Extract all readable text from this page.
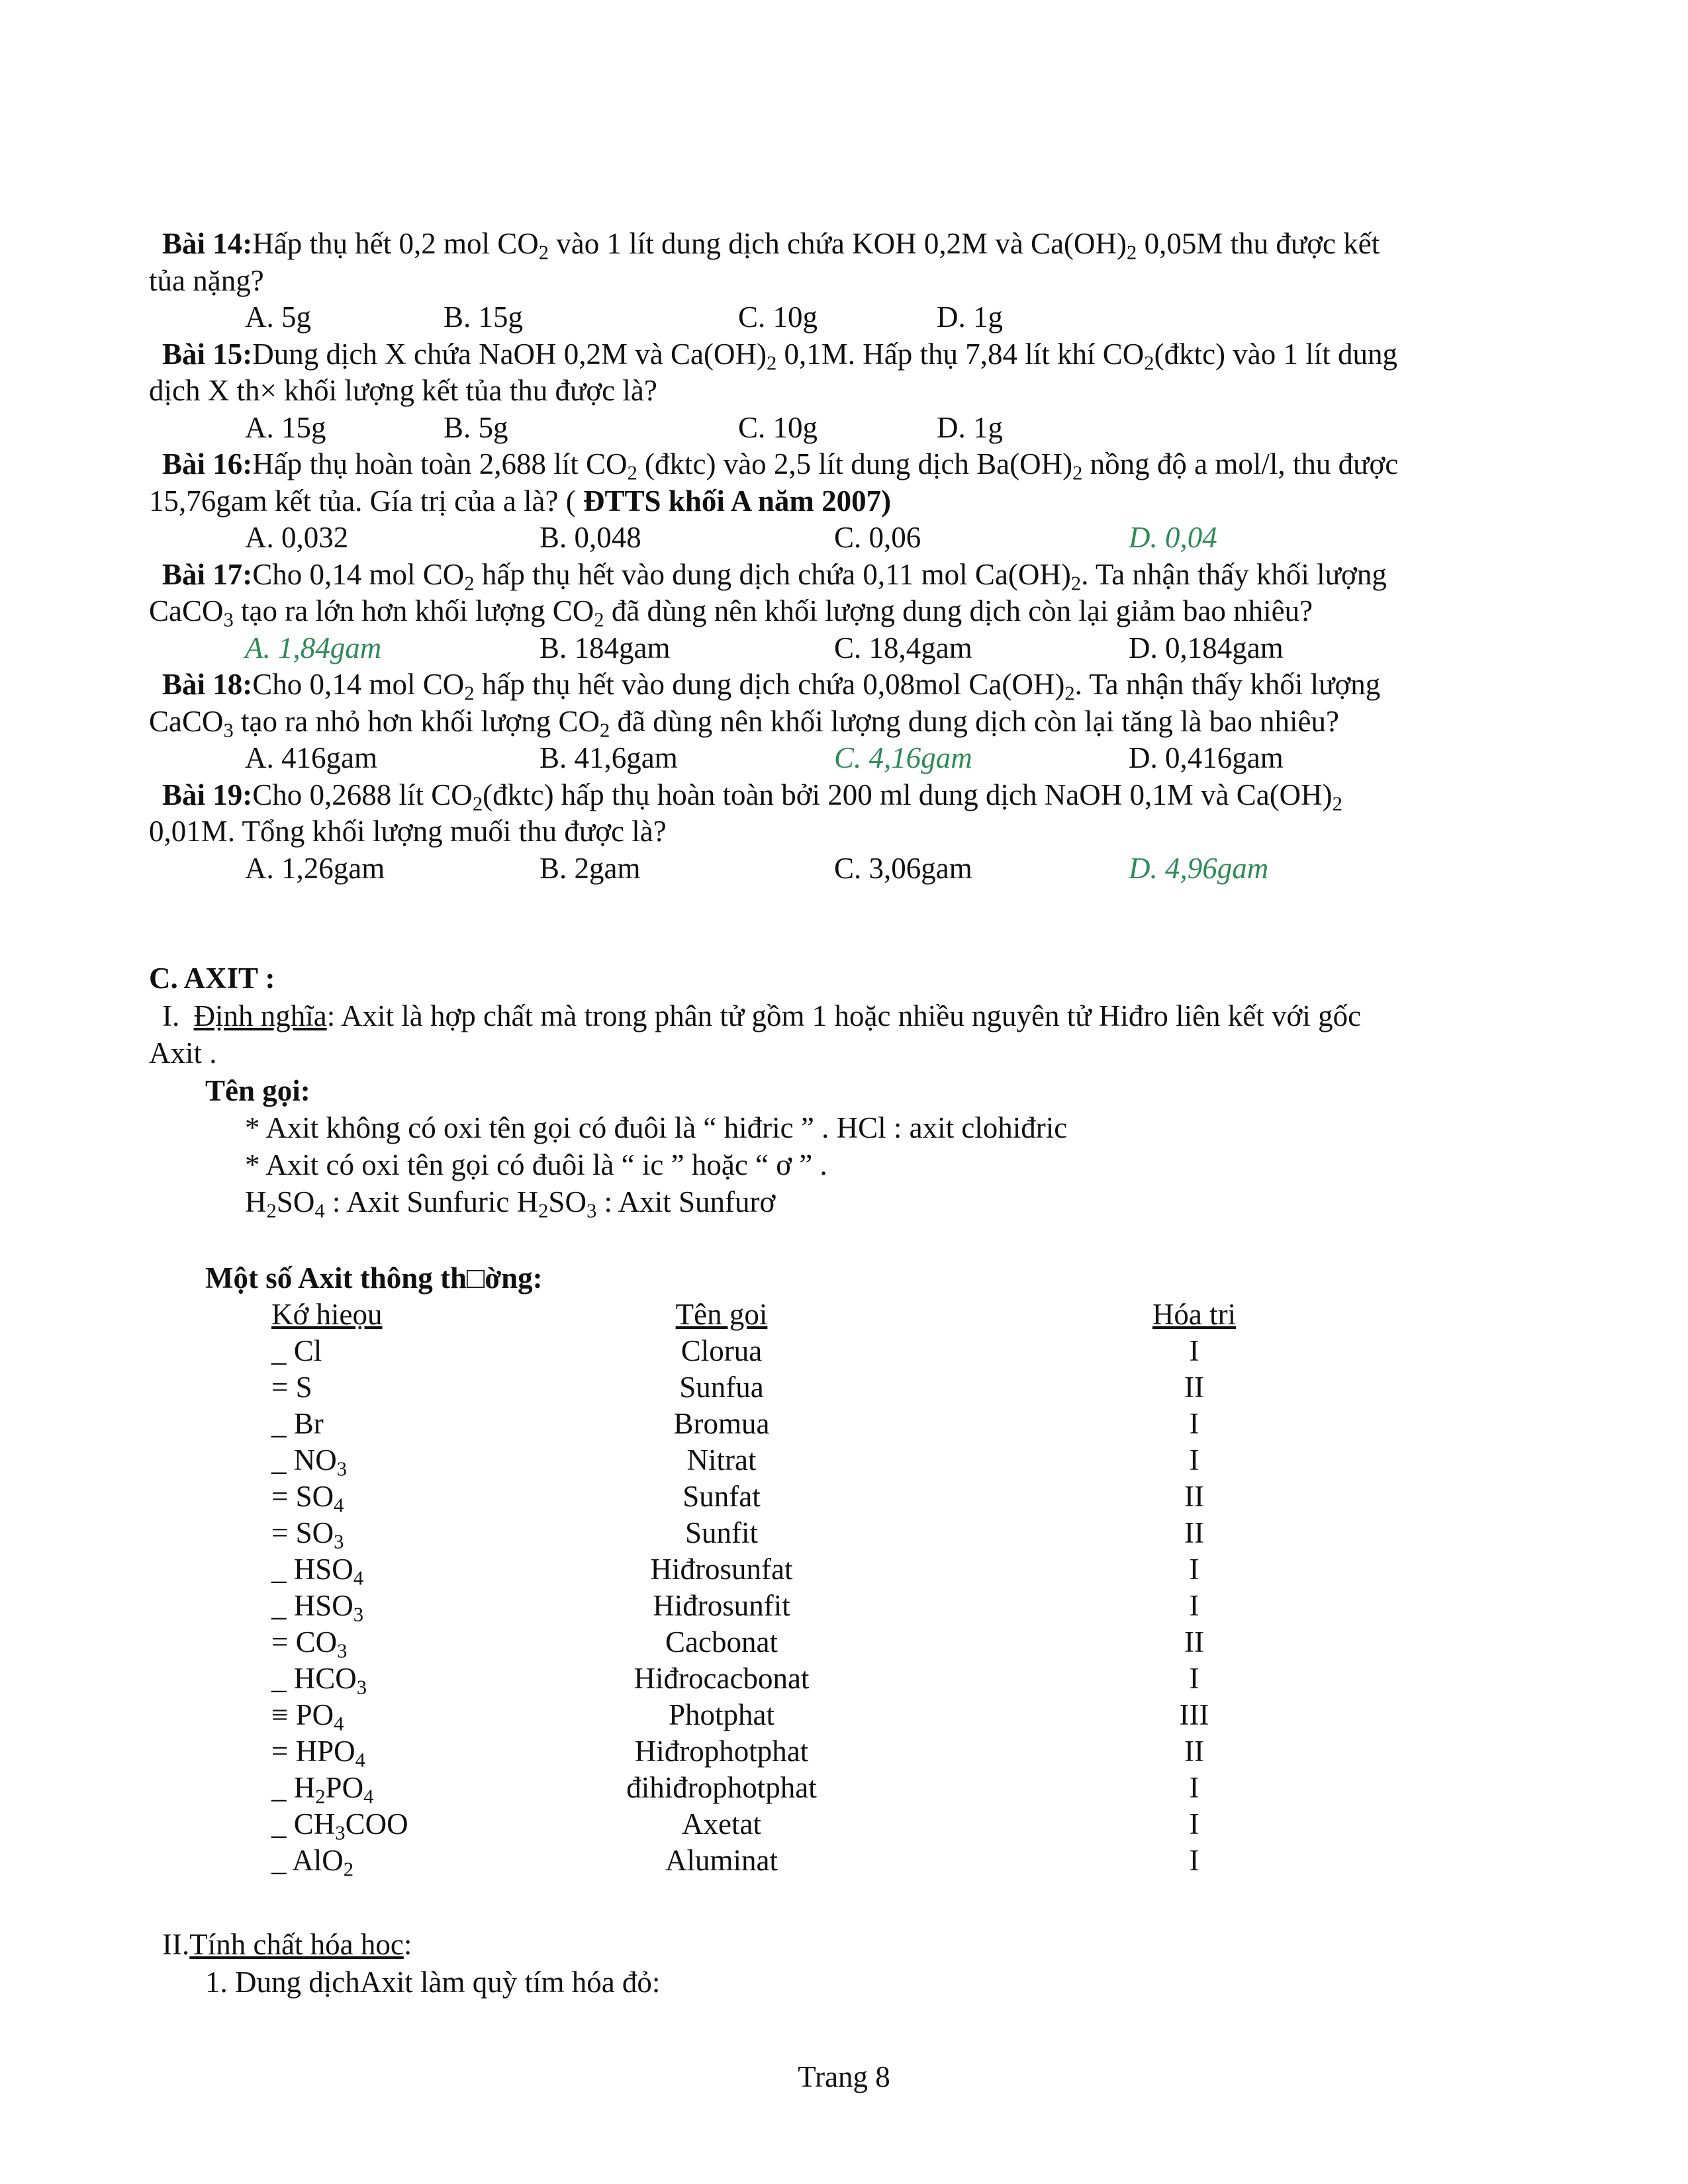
Bài 14:Hấp thụ hết 0,2 mol $CO_2$ vào 1 lít dung dịch chứa KOH 0,2M và $Ca(OH)_2$ 0,05M thu được kết
tủa nặng?
A. 5g	B. 15g	C. 10g	D. 1g
Bài 15:Dung dịch X chứa NaOH 0,2M và $Ca(OH)_2$ 0,1M. Hấp thụ 7,84 lít khí $CO_2(đktc)$ vào 1 lít dung
dịch X th× khối lượng kết tủa thu được là?
A. 15g	B. 5g	C. 10g	D. 1g
Bài 16:Hấp thụ hoàn toàn 2,688 lít $CO_2$ (đktc) vào 2,5 lít dung dịch $Ba(OH)_2$ nồng độ a mol/l, thu được
15,76gam kết tủa. Gía trị của a là? ( ĐTTS khối A năm 2007)
A. 0,032	B. 0,048	C. 0,06	D. 0,04
Bài 17:Cho 0,14 mol $CO_2$ hấp thụ hết vào dung dịch chứa 0,11 mol $Ca(OH)_2$. Ta nhận thấy khối lượng
CaCO$_3$ tạo ra lớn hơn khối lượng $CO_2$ đã dùng nên khối lượng dung dịch còn lại giảm bao nhiêu?
A. 1,84gam	B. 184gam	C. 18,4gam	D. 0,184gam
Bài 18:Cho 0,14 mol $CO_2$ hấp thụ hết vào dung dịch chứa 0,08mol $Ca(OH)_2$. Ta nhận thấy khối lượng
CaCO$_3$ tạo ra nhỏ hơn khối lượng $CO_2$ đã dùng nên khối lượng dung dịch còn lại tăng là bao nhiêu?
A. 416gam	B. 41,6gam	C. 4,16gam	D. 0,416gam
Bài 19:Cho 0,2688 lít $CO_2(đktc)$ hấp thụ hoàn toàn bởi 200 ml dung dịch NaOH 0,1M và $Ca(OH)_2$
0,01M. Tổng khối lượng muối thu được là?
A. 1,26gam	B. 2gam	C. 3,06gam	D. 4,96gam
C. AXIT :
I. Định nghĩa: Axit là hợp chất mà trong phân tử gồm 1 hoặc nhiều nguyên tử Hiđro liên kết với gốc
Axit .
Tên gọi:
* Axit không có oxi tên gọi có đuôi là “ hiđric ” . HCl : axit clohiđric
* Axit có oxi tên gọi có đuôi là “ ic ” hoặc “ ơ ” .
$H_2SO_4$ : Axit Sunfuric $H_2SO_3$ : Axit Sunfurơ
Một số Axit thông th□ờng:
Kớ hieọu	Tên goi	Hóa tri
_ Cl	Clorua	I
= S	Sunfua	II
_ Br	Bromua	I
_ $NO_3$	Nitrat	I
= $SO_4$	Sunfat	II
= $SO_3$	Sunfit	II
_ $HSO_4$	Hiđrosunfat	I
_ $HSO_3$	Hiđrosunfit	I
= $CO_3$	Cacbonat	II
_ $HCO_3$	Hiđrocacbonat	I
≡ $PO_4$	Photphat	III
= $HPO_4$	Hiđrophotphat	II
_ $H_2PO_4$	đihiđrophotphat	I
_ $CH_3COO$	Axetat	I
_ AlO$_2$	Aluminat	I
II.Tính chất hóa hoc:
1. Dung dịchAxit làm quỳ tím hóa đỏ:
Trang 8
